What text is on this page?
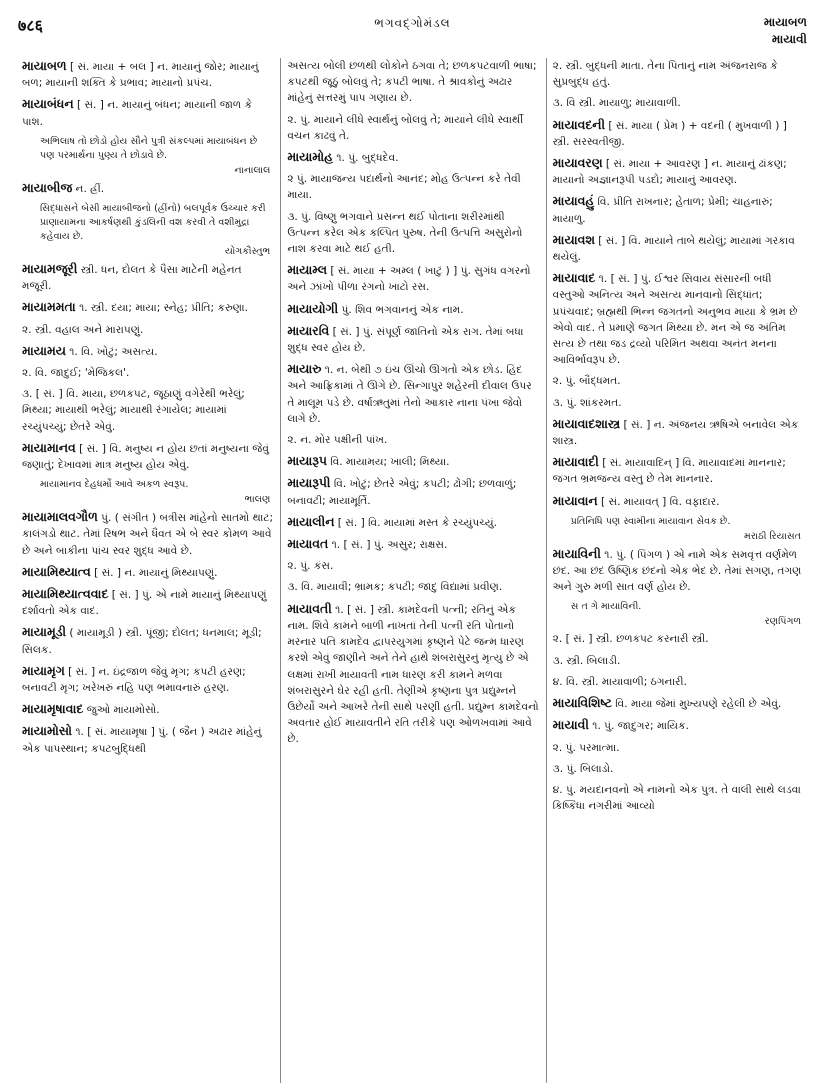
७८६	ભગવદ્ગોમંડલ	માયાબળ
માયાવી
માયાબળ [ સં. માયા + બલ ] ન. માયાનું જોર; માયાનું બળ; માયાની શક્તિ કે પ્રભાવ; માયાનો પ્રપંચ.
માયાબંધન [ સં. ] ન. માયાનું બંધન; માયાની જાળ કે પાશ.
અભિલાષ તો છોડો હોય સૌને પુત્રી સંકલ્પમાં માયાબંધન છે પણ પરમાર્થના પુણ્ય તે છોડાવે છે.
નાનાલાલ
માયાબીજ ન. હ્રીં.
સિદ્ધાસને બેસી માયાબીજનો (હ્રીંનો) બલપૂર્વક ઉચ્ચાર કરી પ્રાણાયામના આકર્ષણથી કુંડલિની વશ કરવી તે વશીમુદ્રા કહેવાય છે.
યોગકૌસ્તુભ
માયામજૂરી સ્ત્રી. ધન, દોલત કે પૈસા માટેની મહેનત મજૂરી.
માયામમતા ૧. સ્ત્રી. દયા; માયા; સ્નેહ; પ્રીતિ; કરુણા.
૨. સ્ત્રી. વહાલ અને મારાપણું.
માયામય ૧. વિ. ખોટું; અસત્ય.
૨. વિ. જાદુઈ; 'મેજિકલ'.
૩. [ સં. ] વિ. માયા, છળકપટ, જૂઠાણું વગેરેથી ભરેલું; મિથ્યા; માયાથી ભરેલું; માયાથી રંગાયેલ; માયામાં રચ્યુંપચ્યું; છેતરે એવું.
માયામાનવ [ સં. ] વિ. મનુષ્ય ન હોય છતાં મનુષ્યના જેવું જણાતું; દેખાવમાં માત્ર મનુષ્ય હોય એવું.
માયામાનવ દેહધર્મો આવે અકળ સ્વરૂપ.
ભાલણ
માયામાલવગૌળ પું. ( સંગીત ) બત્રીસ માંહેનો સાતમો થાટ; કાલંગડો થાટ. તેમાં રિષભ અને ધૈવત એ બે સ્વર કોમળ આવે છે અને બાકીના પાંચ સ્વર શુદ્ધ આવે છે.
માયામિથ્યાત્વ [ સં. ] ન. માયાનું મિથ્યાપણું.
માયામિથ્યાત્વવાદ [ સં. ] પું. એ નામે માયાનું મિથ્યાપણું દર્શાવતો એક વાદ.
માયામૂડી ( માયામૂડી ) સ્ત્રી. પૂંજી; દોલત; ધનમાલ; મૂડી; સિલક.
માયામૃગ [ સં. ] ન. ઇંદ્રજાળ જેવું મૃગ; કપટી હરણ; બનાવટી મૃગ; ખરેખરું નહિ પણ ભમાવનારું હરણ.
માયામૃષાવાદ જુઓ માયામોસો.
માયામોસો ૧. [ સં. માયામૃષા ] પું. ( જૈન ) અઢાર માંહેનું એક પાપસ્થાન; કપટબુદ્ધિથી
અસત્ય બોલી છળથી લોકોને ઠગવા તે; છળકપટવાળી ભાષા; કપટથી જૂઠું બોલવું તે; કપટી ભાષા. તે શ્રાવકોનું અઢાર માંહેનું સત્તરમું પાપ ગણાય છે.
૨. પું. માયાને લીધે સ્વાર્થનું બોલવું તે; માયાને લીધે સ્વાર્થી વચન કાઢવું તે.
માયામોહ ૧. પું. બુદ્ધદેવ.
૨ પું. માયાજન્ય પદાર્થનો આનંદ; મોહ ઉત્પન્ન કરે તેવી માયા.
૩. પું. વિષ્ણુ ભગવાને પ્રસન્ન થઈ પોતાના શરીરમાંથી ઉત્પન્ન કરેલ એક કલ્પિત પુરુષ. તેની ઉત્પત્તિ અસુરોનો નાશ કરવા માટે થઈ હતી.
માયામ્લ [ સં. માયા + અમ્લ ( ખાટું ) ] પું. સુગંધ વગરનો અને ઝાંખો પીળા રંગનો ખાટો રસ.
માયાયોગી પું. શિવ ભગવાનનું એક નામ.
માયારવિ [ સં. ] પું. સંપૂર્ણ જાતિનો એક રાગ. તેમાં બધા શુદ્ધ સ્વર હોય છે.
માયારુ ૧. ન. બેથી ૭ ઇંચ ઊંચો ઊગતો એક છોડ. હિંદ અને આફ્રિકામાં તે ઊગે છે. સિન્ગાપુર શહેરની દીવાલ ઉપર તે માલૂમ પડે છે. વર્ષાઋતુમાં તેનો આકાર નાના પંખા જેવો લાગે છે.
૨. ન. મોર પક્ષીની પાંખ.
માયારૂપ વિ. માયામય; ખાલી; મિથ્યા.
માયારૂપી વિ. ખોટું; છેતરે એવું; કપટી; ઢોંગી; છળવાળું; બનાવટી; માયામૂર્તિ.
માયાલીન [ સં. ] વિ. માયામાં મસ્ત કે રચ્યુંપચ્યું.
માયાવત ૧. [ સં. ] પું. અસુર; રાક્ષસ.
૨. પું. કંસ.
૩. વિ. માયાવી; ભ્રામક; કપટી; જાદુ વિદ્યામાં પ્રવીણ.
માયાવતી ૧. [ સં. ] સ્ત્રી. કામદેવની પત્ની; રતિનું એક નામ. શિવે કામને બાળી નાખતાં તેની પત્ની રતિ પોતાનો મરનાર પતિ કામદેવ દ્વાપરયુગમાં કૃષ્ણને પેટે જન્મ ધારણ કરશે એવું જાણીને અને તેને હાથે શંબરાસુરનું મૃત્યુ છે એ લક્ષમાં રાખી માયાવતી નામ ધારણ કરી કામને મળવા શંબરાસુરને ઘેર રહી હતી. તેણીએ કૃષ્ણના પુત્ર પ્રદ્યુમ્નને ઉછેર્યો અને આખરે તેની સાથે પરણી હતી. પ્રદ્યુમ્ન કામદેવનો અવતાર હોઈ માયાવતીને રતિ તરીકે પણ ઓળખવામાં આવે છે.
૨. સ્ત્રી. બુદ્ધની માતા. તેના પિતાનું નામ અંજનરાજ કે સુપ્રબુદ્ધ હતું.
૩. વિ સ્ત્રી. માયાળુ; માયાવાળી.
માયાવદની [ સં. માયા ( પ્રેમ ) + વદની ( મુખવાળી ) ] સ્ત્રી. સરસ્વતીજી.
માયાવરણ [ સં. માયા + આવરણ ] ન. માયાનું ઢાંકણ; માયાનો અજ્ઞાનરૂપી પડદો; માયાનું આવરણ.
માયાવહું વિ. પ્રીતિ રાખનાર; હેતાળ; પ્રેમી; ચાહનારું; માયાળુ.
માયાવશ [ સં. ] વિ. માયાને તાબે થયેલું; માયામાં ગરકાવ થયેલું.
માયાવાદ ૧. [ સં. ] પું. ઈશ્વર સિવાય સંસારની બધી વસ્તુઓ અનિત્ય અને અસત્ય માનવાનો સિદ્ધાંત; પ્રપંચવાદ; બ્રહ્મથી ભિન્ન જગતનો અનુભવ માયા કે ભ્રમ છે એવો વાદ. તે પ્રમાણે જગત મિથ્યા છે. મન એ જ અંતિમ સત્ય છે તથા જડ દ્રવ્યો પરિમિત અથવા અનંત મનના આવિર્ભાવરૂપ છે.
૨. પું. બૌદ્ધમત.
૩. પું. શાંકરમત.
માયાવાદશાસ્ત્ર [ સં. ] ન. અંજનય ઋષિએ બનાવેલ એક શાસ્ત્ર.
માયાવાદી [ સં. માયાવાદિન્ ] વિ. માયાવાદમાં માનનાર; જગત ભ્રમજન્ય વસ્તુ છે તેમ માનનાર.
માયાવાન [ સં. માયાવત્ ] વિ. વફાદાર.
પ્રતિનિધિ પણ સ્વામીના માયાવાન સેવક છે.
મરાઠી રિયાસત
માયાવિની ૧. પું. ( પિંગળ ) એ નામે એક સમવૃત્ત વર્ણમેળ છંદ. આ છંદ ઉષ્ણિક છંદનો એક ભેદ છે. તેમાં સગણ, તગણ અને ગુરુ મળી સાત વર્ણ હોય છે.
સ ત ગે માયાવિની.
રણપિંગળ
૨. [ સં. ] સ્ત્રી. છળકપટ કરનારી સ્ત્રી.
૩. સ્ત્રી. બિલાડી.
૪. વિ. સ્ત્રી. માયાવાળી; ઠગનારી.
માયાવિશિષ્ટ વિ. માયા જેમાં મુખ્યપણે રહેલી છે એવું.
માયાવી ૧. પું. જાદુગર; માયિક.
૨. પું. પરમાત્મા.
૩. પું. બિલાડો.
૪. પું. મયદાનવનો એ નામનો એક પુત્ર. તે વાલી સાથે લડવા કિષ્કિંધા નગરીમાં આવ્યો
